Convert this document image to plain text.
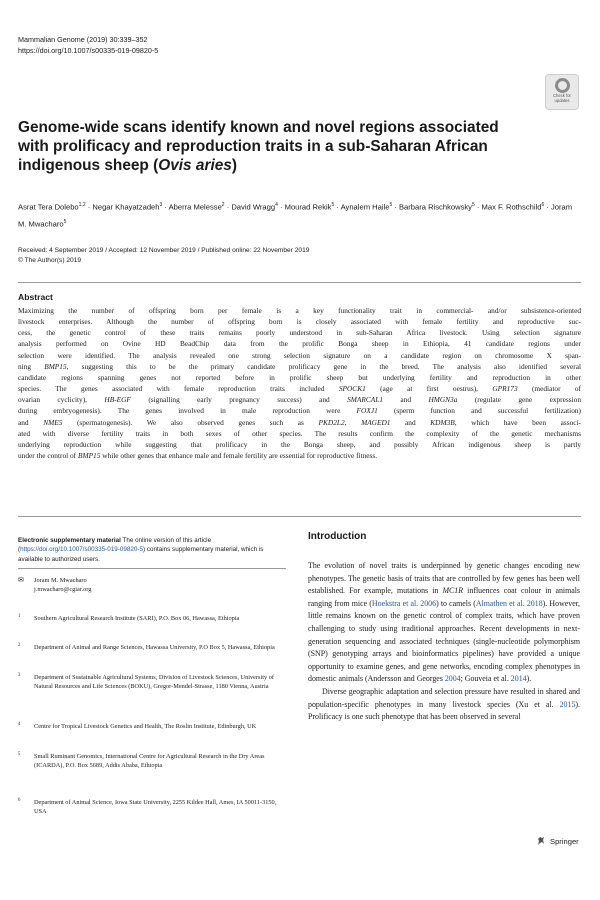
Mammalian Genome (2019) 30:339–352
https://doi.org/10.1007/s00335-019-09820-5
Check for
updates
Genome-wide scans identify known and novel regions associated with prolificacy and reproduction traits in a sub-Saharan African indigenous sheep (Ovis aries)
Asrat Tera Dolebo$^{1,2}$ · Negar Khayatzadeh$^3$ · Aberra Melesse$^2$ · David Wragg$^4$ · Mourad Rekik$^5$ · Aynalem Haile$^5$ · Barbara Rischkowsky$^5$ · Max F. Rothschild$^6$ · Joram M. Mwacharo$^5$
Received: 4 September 2019 / Accepted: 12 November 2019 / Published online: 22 November 2019
© The Author(s) 2019
Abstract
Maximizing the number of offspring born per female is a key functionality trait in commercial- and/or subsistence-oriented
livestock enterprises. Although the number of offspring born is closely associated with female fertility and reproductive suc-
cess, the genetic control of these traits remains poorly understood in sub-Saharan Africa livestock. Using selection signature
analysis performed on Ovine HD BeadChip data from the prolific Bonga sheep in Ethiopia, 41 candidate regions under
selection were identified. The analysis revealed one strong selection signature on a candidate region on chromosome X span-
ning BMP15, suggesting this to be the primary candidate prolificacy gene in the breed. The analysis also identified several
candidate regions spanning genes not reported before in prolific sheep but underlying fertility and reproduction in other
species. The genes associated with female reproduction traits included SPOCK1 (age at first oestrus), GPR173 (mediator of
ovarian cyclicity), HB-EGF (signalling early pregnancy success) and SMARCAL1 and HMGN3a (regulate gene expression
during embryogenesis). The genes involved in male reproduction were FOXJ1 (sperm function and successful fertilization)
and NME5 (spermatogenesis). We also observed genes such as PKD2L2, MAGED1 and KDM3B, which have been associ-
ated with diverse fertility traits in both sexes of other species. The results confirm the complexity of the genetic mechanisms
underlying reproduction while suggesting that prolificacy in the Bonga sheep, and possibly African indigenous sheep is partly
under the control of BMP15 while other genes that enhance male and female fertility are essential for reproductive fitness.
Electronic supplementary material The online version of this article (https://doi.org/10.1007/s00335-019-09820-5) contains supplementary material, which is available to authorized users.
✉ Joram M. Mwacharo
j.mwacharo@cgiar.org
1 Southern Agricultural Research Institute (SARI), P.O. Box 06, Hawassa, Ethiopia
2 Department of Animal and Range Sciences, Hawassa University, P.O Box 5, Hawassa, Ethiopia
3 Department of Sustainable Agricultural Systems, Division of Livestock Sciences, University of Natural Resources and Life Sciences (BOKU), Gregor-Mendel-Strasse, 1180 Vienna, Austria
4 Centre for Tropical Livestock Genetics and Health, The Roslin Institute, Edinburgh, UK
5 Small Ruminant Genomics, International Centre for Agricultural Research in the Dry Areas (ICARDA), P.O. Box 5689, Addis Ababa, Ethiopia
6 Department of Animal Science, Iowa State University, 2255 Kildee Hall, Ames, IA 50011-3150, USA
Introduction

The evolution of novel traits is underpinned by genetic changes encoding new phenotypes. The genetic basis of traits that are controlled by few genes has been well established. For example, mutations in MC1R influences coat colour in animals ranging from mice (Hoekstra et al. 2006) to camels (Almathen et al. 2018). However, little remains known on the genetic control of complex traits, which have proven challenging to study using traditional approaches. Recent developments in next-generation sequencing and associated techniques (single-nucleotide polymorphism (SNP) genotyping arrays and bioinformatics pipelines) have provided a unique opportunity to examine genes, and gene networks, encoding complex phenotypes in domestic animals (Andersson and Georges 2004; Gouveia et al. 2014).

Diverse geographic adaptation and selection pressure have resulted in shared and population-specific phenotypes in many livestock species (Xu et al. 2015). Prolificacy is one such phenotype that has been observed in several

Springer
